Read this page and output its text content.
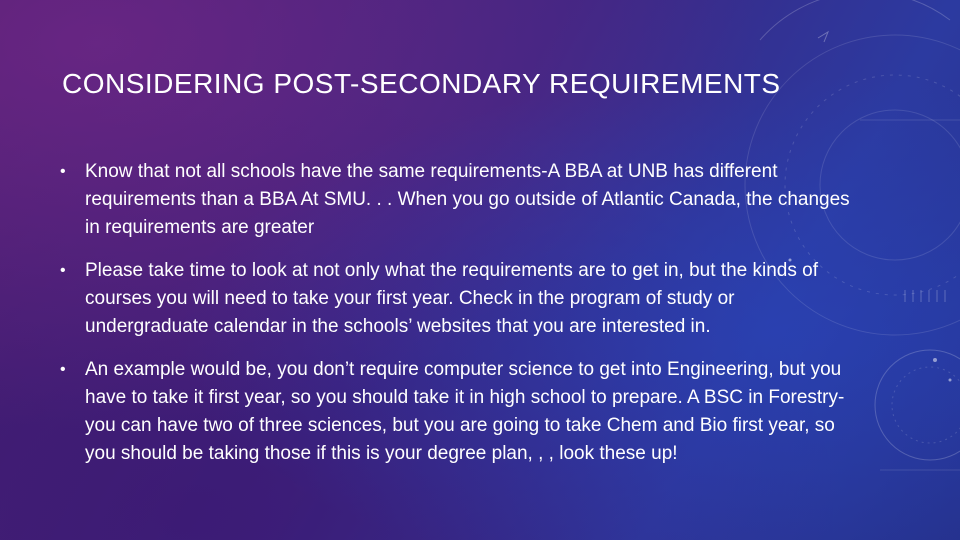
CONSIDERING POST-SECONDARY REQUIREMENTS
•	Know that not all schools have the same requirements-A BBA at UNB has different requirements than a BBA At SMU. . . When you go outside of Atlantic Canada, the changes in requirements are greater
•	Please take time to look at not only what the requirements are to get in, but the kinds of courses you will need to take your first year. Check in the program of study or undergraduate calendar in the schools’ websites that you are interested in.
•	An example would be, you don’t require computer science to get into Engineering, but you have to take it first year, so you should take it in high school to prepare. A BSC in Forestry-you can have two of three sciences, but you are going to take Chem and Bio first year, so you should be taking those if this is your degree plan, , , look these up!
